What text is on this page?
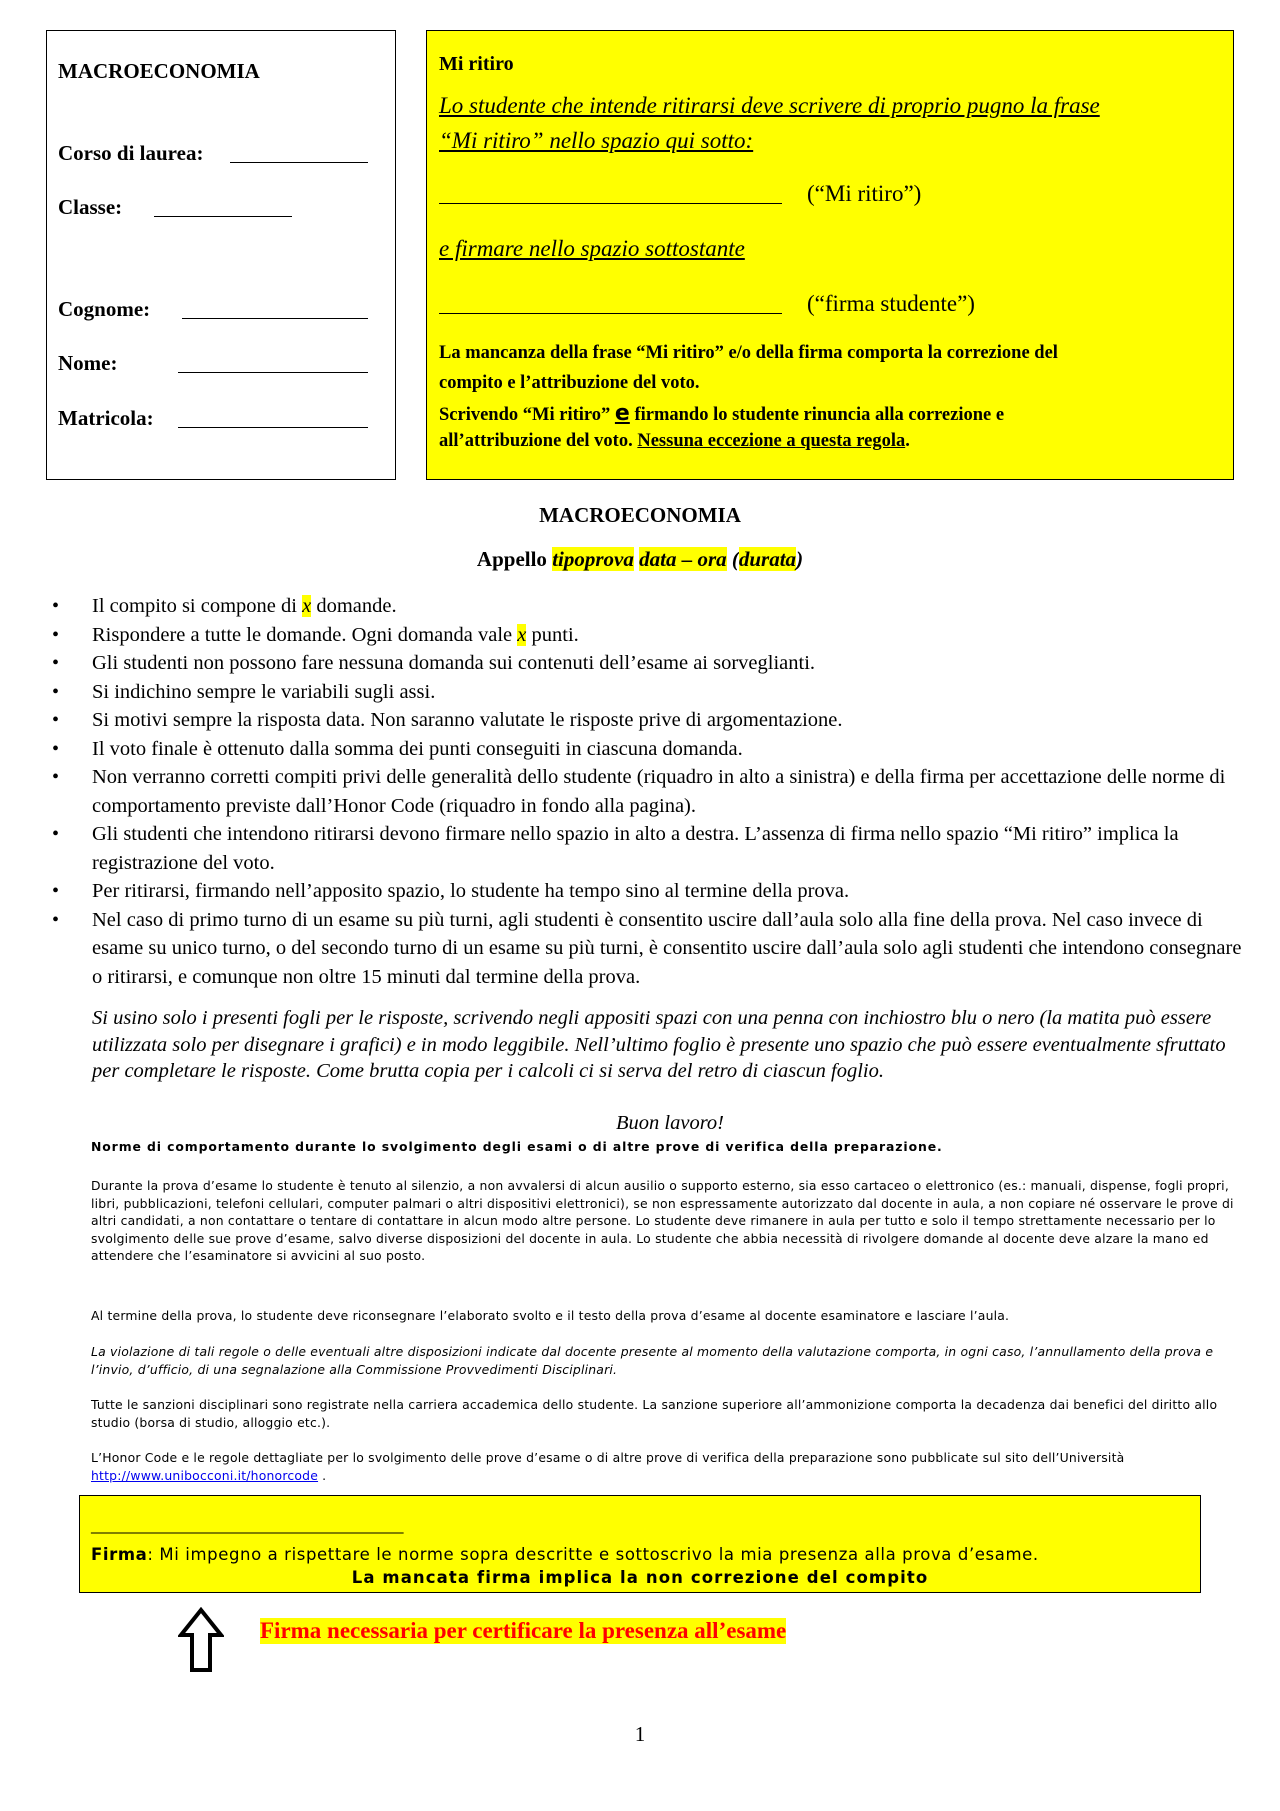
MACROECONOMIA
Corso di laurea:
Classe:
Cognome:
Nome:
Matricola:
Mi ritiro
Lo studente che intende ritirarsi deve scrivere di proprio pugno la frase
“Mi ritiro” nello spazio qui sotto:
(“Mi ritiro”)
e firmare nello spazio sottostante
(“firma studente”)
La mancanza della frase “Mi ritiro” e/o della firma comporta la correzione del
compito e l’attribuzione del voto.
Scrivendo “Mi ritiro” e firmando lo studente rinuncia alla correzione e
all’attribuzione del voto. Nessuna eccezione a questa regola.
MACROECONOMIA
Appello tipoprova data – ora (durata)
• Il compito si compone di x domande.
• Rispondere a tutte le domande. Ogni domanda vale x punti.
• Gli studenti non possono fare nessuna domanda sui contenuti dell’esame ai sorveglianti.
• Si indichino sempre le variabili sugli assi.
• Si motivi sempre la risposta data. Non saranno valutate le risposte prive di argomentazione.
• Il voto finale è ottenuto dalla somma dei punti conseguiti in ciascuna domanda.
• Non verranno corretti compiti privi delle generalità dello studente (riquadro in alto a sinistra) e della firma per accettazione delle norme di comportamento previste dall’Honor Code (riquadro in fondo alla pagina).
• Gli studenti che intendono ritirarsi devono firmare nello spazio in alto a destra. L’assenza di firma nello spazio “Mi ritiro” implica la registrazione del voto.
• Per ritirarsi, firmando nell’apposito spazio, lo studente ha tempo sino al termine della prova.
• Nel caso di primo turno di un esame su più turni, agli studenti è consentito uscire dall’aula solo alla fine della prova. Nel caso invece di esame su unico turno, o del secondo turno di un esame su più turni, è consentito uscire dall’aula solo agli studenti che intendono consegnare o ritirarsi, e comunque non oltre 15 minuti dal termine della prova.
Si usino solo i presenti fogli per le risposte, scrivendo negli appositi spazi con una penna con inchiostro blu o nero (la matita può essere utilizzata solo per disegnare i grafici) e in modo leggibile. Nell’ultimo foglio è presente uno spazio che può essere eventualmente sfruttato per completare le risposte. Come brutta copia per i calcoli ci si serva del retro di ciascun foglio.
Buon lavoro!
Norme di comportamento durante lo svolgimento degli esami o di altre prove di verifica della preparazione.
Durante la prova d’esame lo studente è tenuto al silenzio, a non avvalersi di alcun ausilio o supporto esterno, sia esso cartaceo o elettronico (es.: manuali, dispense, fogli propri, libri, pubblicazioni, telefoni cellulari, computer palmari o altri dispositivi elettronici), se non espressamente autorizzato dal docente in aula, a non copiare né osservare le prove di altri candidati, a non contattare o tentare di contattare in alcun modo altre persone. Lo studente deve rimanere in aula per tutto e solo il tempo strettamente necessario per lo svolgimento delle sue prove d’esame, salvo diverse disposizioni del docente in aula. Lo studente che abbia necessità di rivolgere domande al docente deve alzare la mano ed attendere che l’esaminatore si avvicini al suo posto.
Al termine della prova, lo studente deve riconsegnare l’elaborato svolto e il testo della prova d’esame al docente esaminatore e lasciare l’aula.
La violazione di tali regole o delle eventuali altre disposizioni indicate dal docente presente al momento della valutazione comporta, in ogni caso, l’annullamento della prova e l’invio, d’ufficio, di una segnalazione alla Commissione Provvedimenti Disciplinari.
Tutte le sanzioni disciplinari sono registrate nella carriera accademica dello studente. La sanzione superiore all’ammonizione comporta la decadenza dai benefici del diritto allo studio (borsa di studio, alloggio etc.).
L’Honor Code e le regole dettagliate per lo svolgimento delle prove d’esame o di altre prove di verifica della preparazione sono pubblicate sul sito dell’Università http://www.unibocconi.it/honorcode .
________________________________________________
Firma: Mi impegno a rispettare le norme sopra descritte e sottoscrivo la mia presenza alla prova d’esame.
La mancata firma implica la non correzione del compito
Firma necessaria per certificare la presenza all’esame
1
